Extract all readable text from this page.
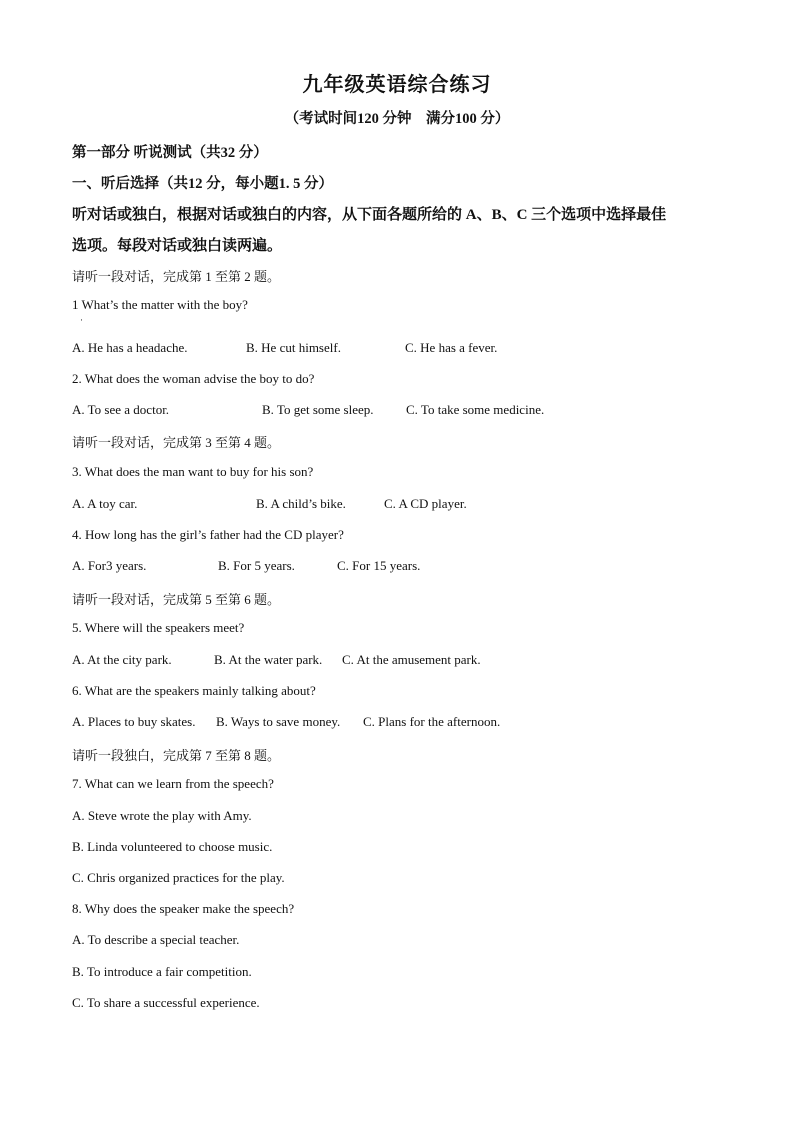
九年级英语综合练习
（考试时间120 分钟　满分100 分）
第一部分 听说测试（共32 分）
一、听后选择（共12 分，每小题1. 5 分）
听对话或独白，根据对话或独白的内容，从下面各题所给的 A、B、C 三个选项中选择最佳
选项。每段对话或独白读两遍。
请听一段对话，完成第 1 至第 2 题。
1 What’s the matter with the boy?
·
A. He has a headache.	B. He cut himself.	C. He has a fever.
2. What does the woman advise the boy to do?
A. To see a doctor.	B. To get some sleep. C. To take some medicine.
请听一段对话，完成第 3 至第 4 题。
3. What does the man want to buy for his son?
A. A toy car.	B. A child’s bike.	C. A CD player.
4. How long has the girl’s father had the CD player?
A. For3 years.	B. For 5 years.	C. For 15 years.
请听一段对话，完成第 5 至第 6 题。
5. Where will the speakers meet?
A. At the city park.	B. At the water park. C. At the amusement park.
6. What are the speakers mainly talking about?
A. Places to buy skates. B. Ways to save money. C. Plans for the afternoon.
请听一段独白，完成第 7 至第 8 题。
7. What can we learn from the speech?
A. Steve wrote the play with Amy.
B. Linda volunteered to choose music.
C. Chris organized practices for the play.
8. Why does the speaker make the speech?
A. To describe a special teacher.
B. To introduce a fair competition.
C. To share a successful experience.
